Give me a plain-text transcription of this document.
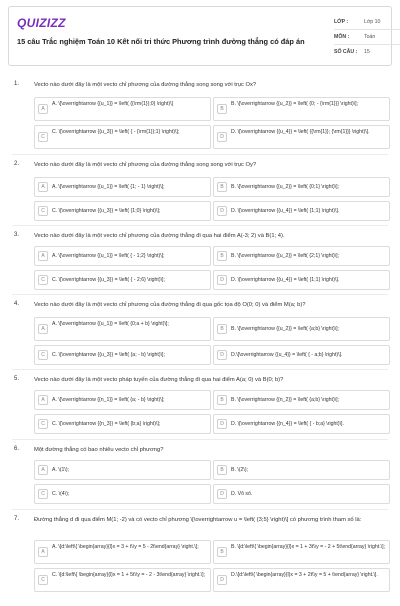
QUIZIZZ
15 câu Trắc nghiệm Toán 10 Kết nối tri thức Phương trình đường thẳng có đáp án
LỚP :	Lớp 10
MÔN :	Toán
SỐ CÂU :	15
1.	Vecto nào dưới đây là một vecto chỉ phương của đường thẳng song song với trục Ox?
A
A. \[\overrightarrow {{u_1}} = \left( {{\rm{1}};0} \right)\]
B
B. \[\overrightarrow {{u_2}} = \left( {0; - {\rm{1}}} \right)\];
C
C. \[\overrightarrow {{u_3}} = \left( { - {\rm{1}};1} \right)\];
D
D. \[\overrightarrow {{u_4}} = \left( {{\rm{1}}; {\rm{1}}} \right)\].
2.	Vecto nào dưới đây là một vecto chỉ phương của đường thẳng song song với trục Oy?
A	A. \[\overrightarrow {{u_1}} = \left( {1; - 1} \right)\];	B	B. \[\overrightarrow {{u_2}} = \left( {0;1} \right)\];
C	C. \[\overrightarrow {{u_3}} = \left( {1;0} \right)\];	D	D. \[\overrightarrow {{u_4}} = \left( {1;1} \right)\].
3.	Vecto nào dưới đây là một vecto chỉ phương của đường thẳng đi qua hai điểm A(-3; 2) và B(1; 4).
A	A. \[\overrightarrow {{u_1}} = \left( { - 1;2} \right)\];	B	B. \[\overrightarrow {{u_2}} = \left( {2;1} \right)\];
C	C. \[\overrightarrow {{u_3}} = \left( { - 2;6} \right)\];	D	D. \[\overrightarrow {{u_4}} = \left( {1;1} \right)\].
4.	Vecto nào dưới đây là một vecto chỉ phương của đường thẳng đi qua gốc tọa độ O(0; 0) và điểm M(a; b)?
A
A. \[\overrightarrow {{u_1}} = \left( {0;a + b} \right)\];
B	B. \[\overrightarrow {{u_2}} = \left( {a;b} \right)\];
C	C. \[\overrightarrow {{u_3}} = \left( {a; - b} \right)\];	D	D.\[\overrightarrow {{u_4}} = \left( { - a;b} \right)\].
5.	Vecto nào dưới đây là một vecto pháp tuyến của đường thẳng đi qua hai điểm A(a; 0) và B(0; b)?
A	A. \[\overrightarrow {{n_1}} = \left( {a; - b} \right)\];	B	B. \[\overrightarrow {{n_2}} = \left( {a;b} \right)\];
C	C. \[\overrightarrow {{n_3}} = \left( {b;a} \right)\];	D	D. \[\overrightarrow {{n_4}} = \left( { - b;a} \right)\].
6.	Một đường thẳng có bao nhiêu vecto chỉ phương?
A	A. \(1\);	B	B. \(2\);
C	C. \(4\);	D	D. Vô số.
7.	Đường thẳng d đi qua điểm M(1; -2) và có vecto chỉ phương \[\overrightarrow u = \left( {3;5} \right)\] có phương trình tham số là:
A
A. \[d:\left\{ \begin{array}{l}x = 3 + t\\y = 5 - 2t\end{array} \right.\];
B
B. \[d:\left\{ \begin{array}{l}x = 1 + 3t\\y = - 2 + 5t\end{array} \right.\];
C
C. \[d:\left\{ \begin{array}{l}x = 1 + 5t\\y = - 2 - 3t\end{array} \right.\];
D
D.\[d:\left\{ \begin{array}{l}x = 3 + 2t\\y = 5 + t\end{array} \right.\].
